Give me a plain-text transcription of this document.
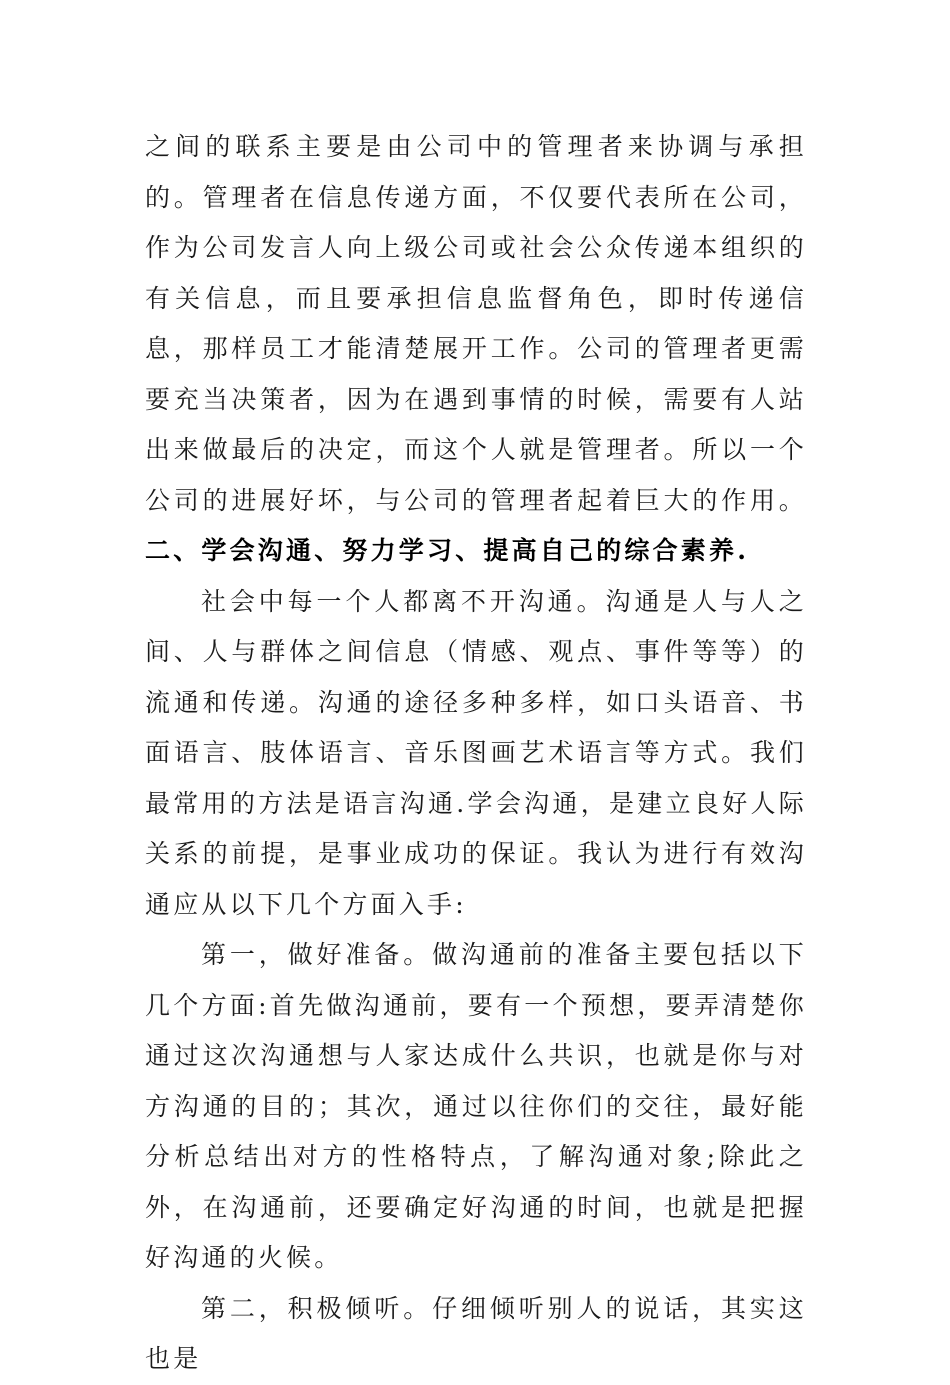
之间的联系主要是由公司中的管理者来协调与承担的。管理者在信息传递方面，不仅要代表所在公司，作为公司发言人向上级公司或社会公众传递本组织的有关信息，而且要承担信息监督角色，即时传递信息，那样员工才能清楚展开工作。公司的管理者更需要充当决策者，因为在遇到事情的时候，需要有人站出来做最后的决定，而这个人就是管理者。所以一个公司的进展好坏，与公司的管理者起着巨大的作用。二、学会沟通、努力学习、提高自己的综合素养.

社会中每一个人都离不开沟通。沟通是人与人之间、人与群体之间信息（情感、观点、事件等等）的流通和传递。沟通的途径多种多样，如口头语音、书面语言、肢体语言、音乐图画艺术语言等方式。我们最常用的方法是语言沟通.学会沟通，是建立良好人际关系的前提，是事业成功的保证。我认为进行有效沟通应从以下几个方面入手:

第一，做好准备。做沟通前的准备主要包括以下几个方面:首先做沟通前，要有一个预想，要弄清楚你通过这次沟通想与人家达成什么共识，也就是你与对方沟通的目的；其次，通过以往你们的交往，最好能分析总结出对方的性格特点，了解沟通对象;除此之外，在沟通前，还要确定好沟通的时间，也就是把握好沟通的火候。

第二，积极倾听。仔细倾听别人的说话，其实这也是
